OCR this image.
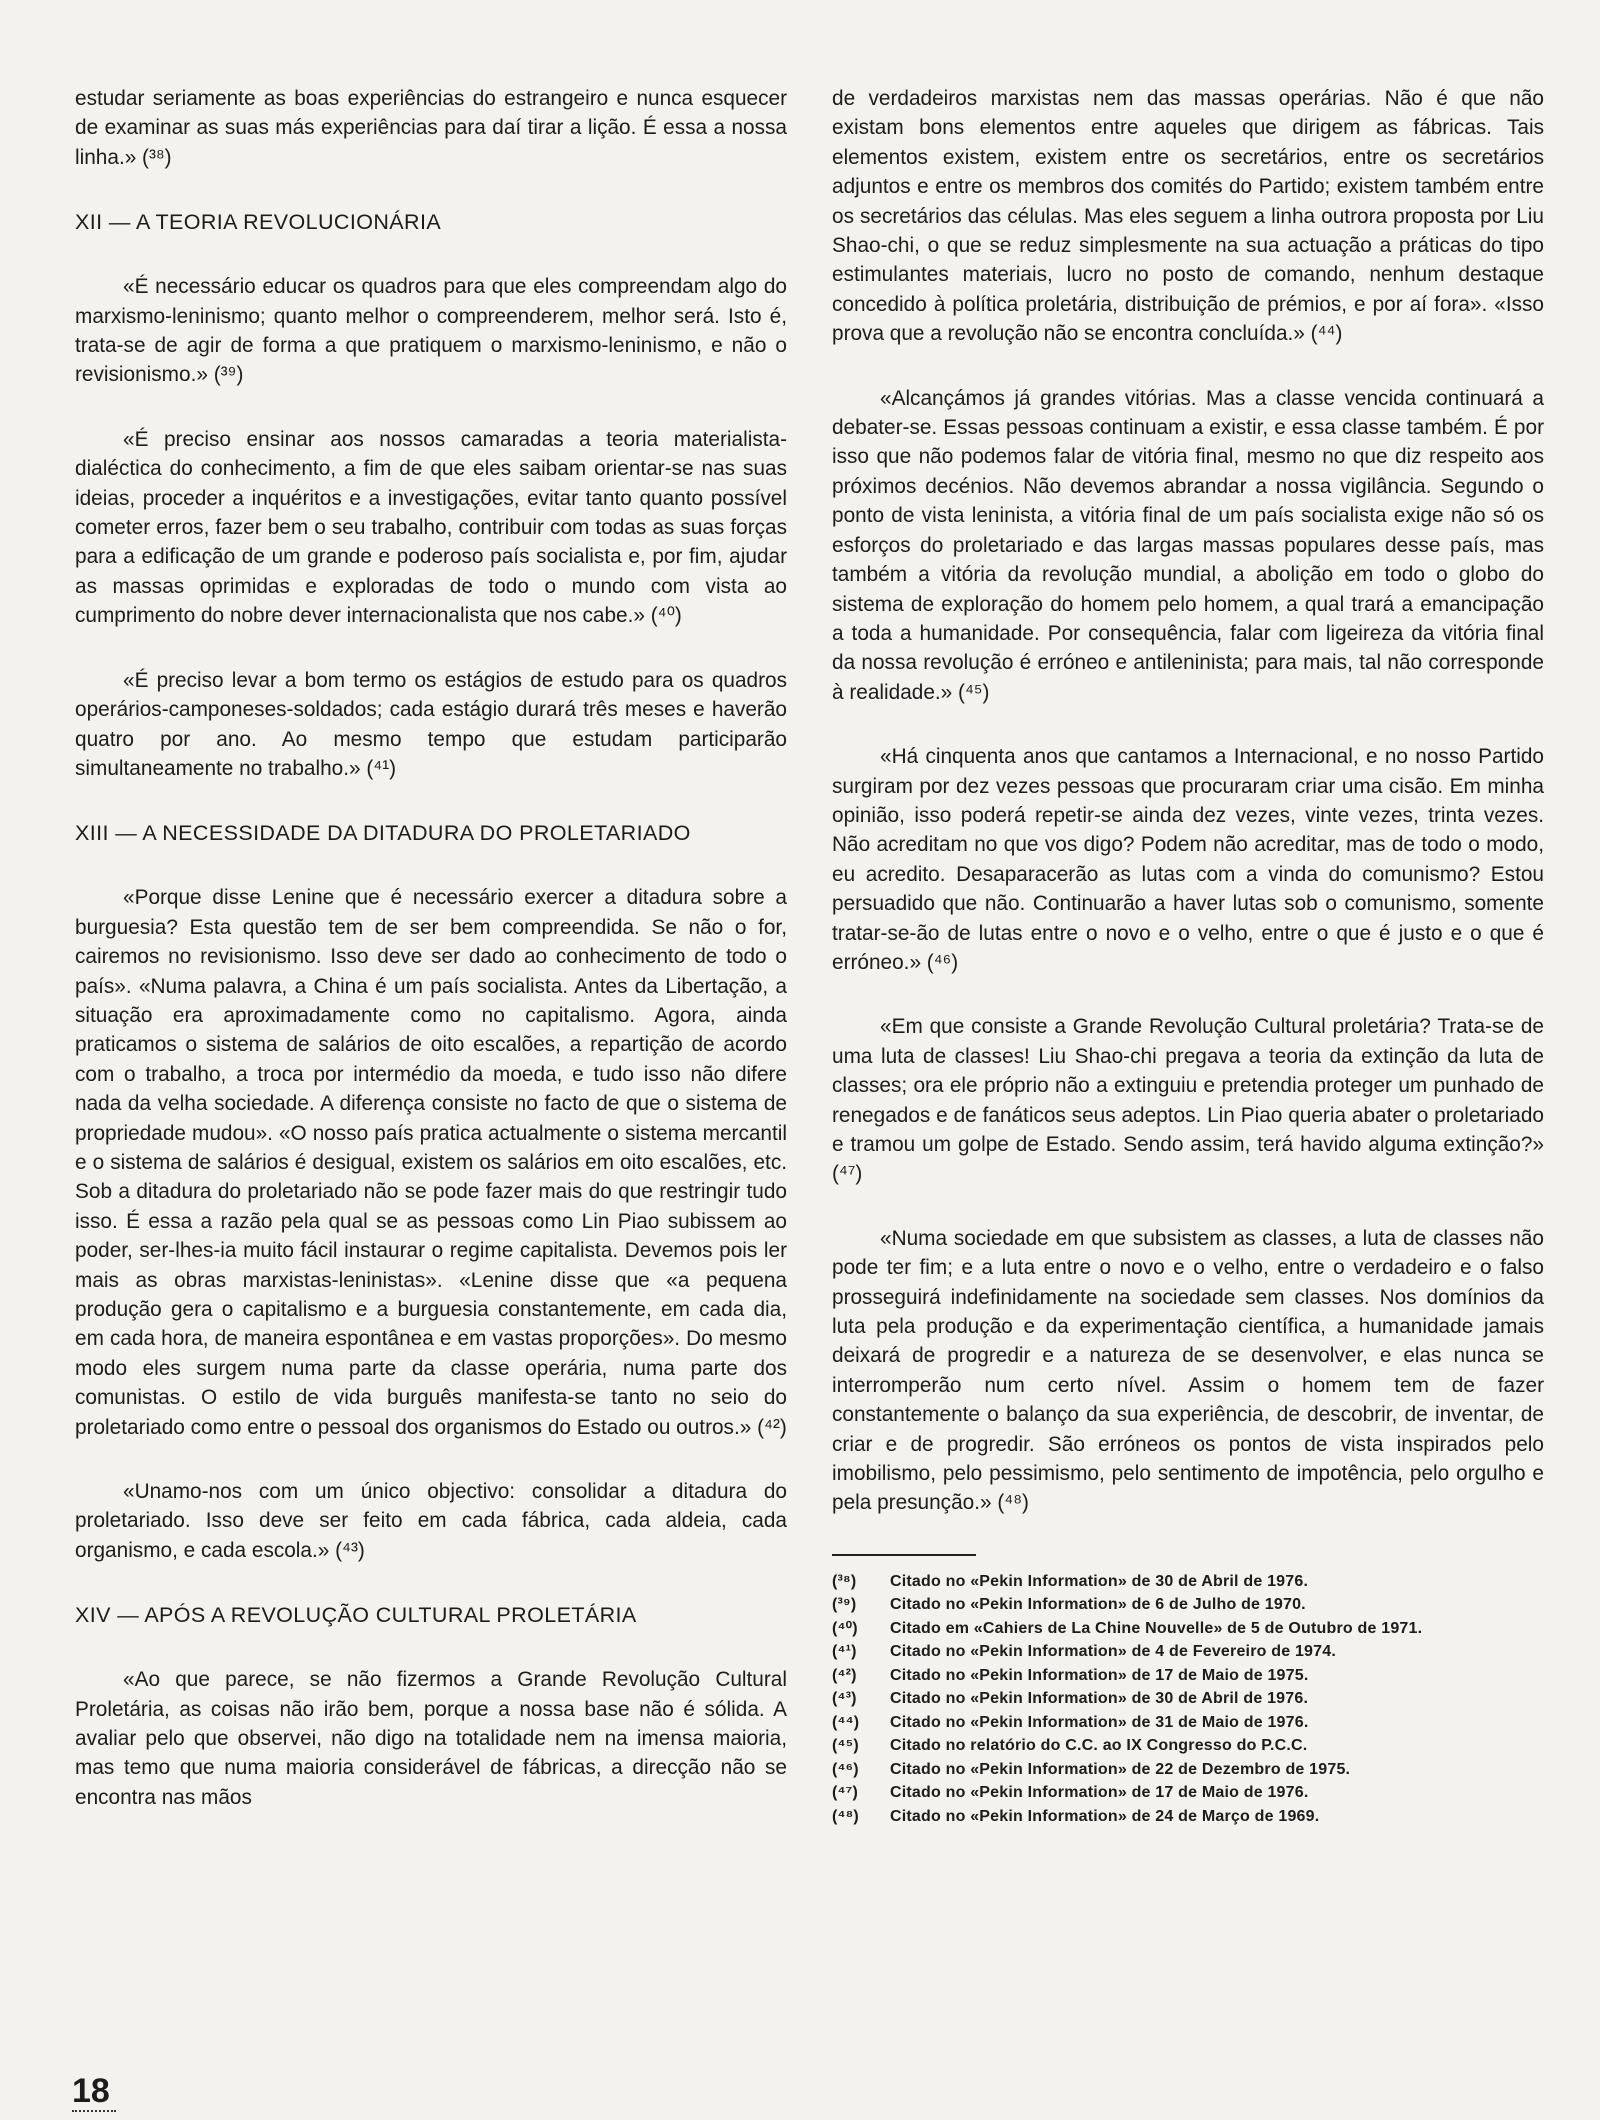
estudar seriamente as boas experiências do estrangeiro e nunca esquecer de examinar as suas más experiências para daí tirar a lição. É essa a nossa linha.» (³⁸)

XII — A TEORIA REVOLUCIONÁRIA

«É necessário educar os quadros para que eles compreendam algo do marxismo-leninismo; quanto melhor o compreenderem, melhor será. Isto é, trata-se de agir de forma a que pratiquem o marxismo-leninismo, e não o revisionismo.» (³⁹)

«É preciso ensinar aos nossos camaradas a teoria materialista-dialéctica do conhecimento, a fim de que eles saibam orientar-se nas suas ideias, proceder a inquéritos e a investigações, evitar tanto quanto possível cometer erros, fazer bem o seu trabalho, contribuir com todas as suas forças para a edificação de um grande e poderoso país socialista e, por fim, ajudar as massas oprimidas e exploradas de todo o mundo com vista ao cumprimento do nobre dever internacionalista que nos cabe.» (⁴⁰)

«É preciso levar a bom termo os estágios de estudo para os quadros operários-camponeses-soldados; cada estágio durará três meses e haverão quatro por ano. Ao mesmo tempo que estudam participarão simultaneamente no trabalho.» (⁴¹)

XIII — A NECESSIDADE DA DITADURA DO PROLETARIADO

«Porque disse Lenine que é necessário exercer a ditadura sobre a burguesia? Esta questão tem de ser bem compreendida. Se não o for, cairemos no revisionismo. Isso deve ser dado ao conhecimento de todo o país». «Numa palavra, a China é um país socialista. Antes da Libertação, a situação era aproximadamente como no capitalismo. Agora, ainda praticamos o sistema de salários de oito escalões, a repartição de acordo com o trabalho, a troca por intermédio da moeda, e tudo isso não difere nada da velha sociedade. A diferença consiste no facto de que o sistema de propriedade mudou». «O nosso país pratica actualmente o sistema mercantil e o sistema de salários é desigual, existem os salários em oito escalões, etc. Sob a ditadura do proletariado não se pode fazer mais do que restringir tudo isso. É essa a razão pela qual se as pessoas como Lin Piao subissem ao poder, ser-lhes-ia muito fácil instaurar o regime capitalista. Devemos pois ler mais as obras marxistas-leninistas». «Lenine disse que «a pequena produção gera o capitalismo e a burguesia constantemente, em cada dia, em cada hora, de maneira espontânea e em vastas proporções». Do mesmo modo eles surgem numa parte da classe operária, numa parte dos comunistas. O estilo de vida burguês manifesta-se tanto no seio do proletariado como entre o pessoal dos organismos do Estado ou outros.» (⁴²)

«Unamo-nos com um único objectivo: consolidar a ditadura do proletariado. Isso deve ser feito em cada fábrica, cada aldeia, cada organismo, e cada escola.» (⁴³)

XIV — APÓS A REVOLUÇÃO CULTURAL PROLETÁRIA

«Ao que parece, se não fizermos a Grande Revolução Cultural Proletária, as coisas não irão bem, porque a nossa base não é sólida. A avaliar pelo que observei, não digo na totalidade nem na imensa maioria, mas temo que numa maioria considerável de fábricas, a direcção não se encontra nas mãos

de verdadeiros marxistas nem das massas operárias. Não é que não existam bons elementos entre aqueles que dirigem as fábricas. Tais elementos existem, existem entre os secretários, entre os secretários adjuntos e entre os membros dos comités do Partido; existem também entre os secretários das células. Mas eles seguem a linha outrora proposta por Liu Shao-chi, o que se reduz simplesmente na sua actuação a práticas do tipo estimulantes materiais, lucro no posto de comando, nenhum destaque concedido à política proletária, distribuição de prémios, e por aí fora». «Isso prova que a revolução não se encontra concluída.» (⁴⁴)

«Alcançámos já grandes vitórias. Mas a classe vencida continuará a debater-se. Essas pessoas continuam a existir, e essa classe também. É por isso que não podemos falar de vitória final, mesmo no que diz respeito aos próximos decénios. Não devemos abrandar a nossa vigilância. Segundo o ponto de vista leninista, a vitória final de um país socialista exige não só os esforços do proletariado e das largas massas populares desse país, mas também a vitória da revolução mundial, a abolição em todo o globo do sistema de exploração do homem pelo homem, a qual trará a emancipação a toda a humanidade. Por consequência, falar com ligeireza da vitória final da nossa revolução é erróneo e antileninista; para mais, tal não corresponde à realidade.» (⁴⁵)

«Há cinquenta anos que cantamos a Internacional, e no nosso Partido surgiram por dez vezes pessoas que procuraram criar uma cisão. Em minha opinião, isso poderá repetir-se ainda dez vezes, vinte vezes, trinta vezes. Não acreditam no que vos digo? Podem não acreditar, mas de todo o modo, eu acredito. Desaparacerão as lutas com a vinda do comunismo? Estou persuadido que não. Continuarão a haver lutas sob o comunismo, somente tratar-se-ão de lutas entre o novo e o velho, entre o que é justo e o que é erróneo.» (⁴⁶)

«Em que consiste a Grande Revolução Cultural proletária? Trata-se de uma luta de classes! Liu Shao-chi pregava a teoria da extinção da luta de classes; ora ele próprio não a extinguiu e pretendia proteger um punhado de renegados e de fanáticos seus adeptos. Lin Piao queria abater o proletariado e tramou um golpe de Estado. Sendo assim, terá havido alguma extinção?» (⁴⁷)

«Numa sociedade em que subsistem as classes, a luta de classes não pode ter fim; e a luta entre o novo e o velho, entre o verdadeiro e o falso prosseguirá indefinidamente na sociedade sem classes. Nos domínios da luta pela produção e da experimentação científica, a humanidade jamais deixará de progredir e a natureza de se desenvolver, e elas nunca se interromperão num certo nível. Assim o homem tem de fazer constantemente o balanço da sua experiência, de descobrir, de inventar, de criar e de progredir. São erróneos os pontos de vista inspirados pelo imobilismo, pelo pessimismo, pelo sentimento de impotência, pelo orgulho e pela presunção.» (⁴⁸)

(³⁸)	Citado no «Pekin Information» de 30 de Abril de 1976.
(³⁹)	Citado no «Pekin Information» de 6 de Julho de 1970.
(⁴⁰)	Citado em «Cahiers de La Chine Nouvelle» de 5 de Outubro de 1971.
(⁴¹)	Citado no «Pekin Information» de 4 de Fevereiro de 1974.
(⁴²)	Citado no «Pekin Information» de 17 de Maio de 1975.
(⁴³)	Citado no «Pekin Information» de 30 de Abril de 1976.
(⁴⁴)	Citado no «Pekin Information» de 31 de Maio de 1976.
(⁴⁵)	Citado no relatório do C.C. ao IX Congresso do P.C.C.
(⁴⁶)	Citado no «Pekin Information» de 22 de Dezembro de 1975.
(⁴⁷)	Citado no «Pekin Information» de 17 de Maio de 1976.
(⁴⁸)	Citado no «Pekin Information» de 24 de Março de 1969.
18
